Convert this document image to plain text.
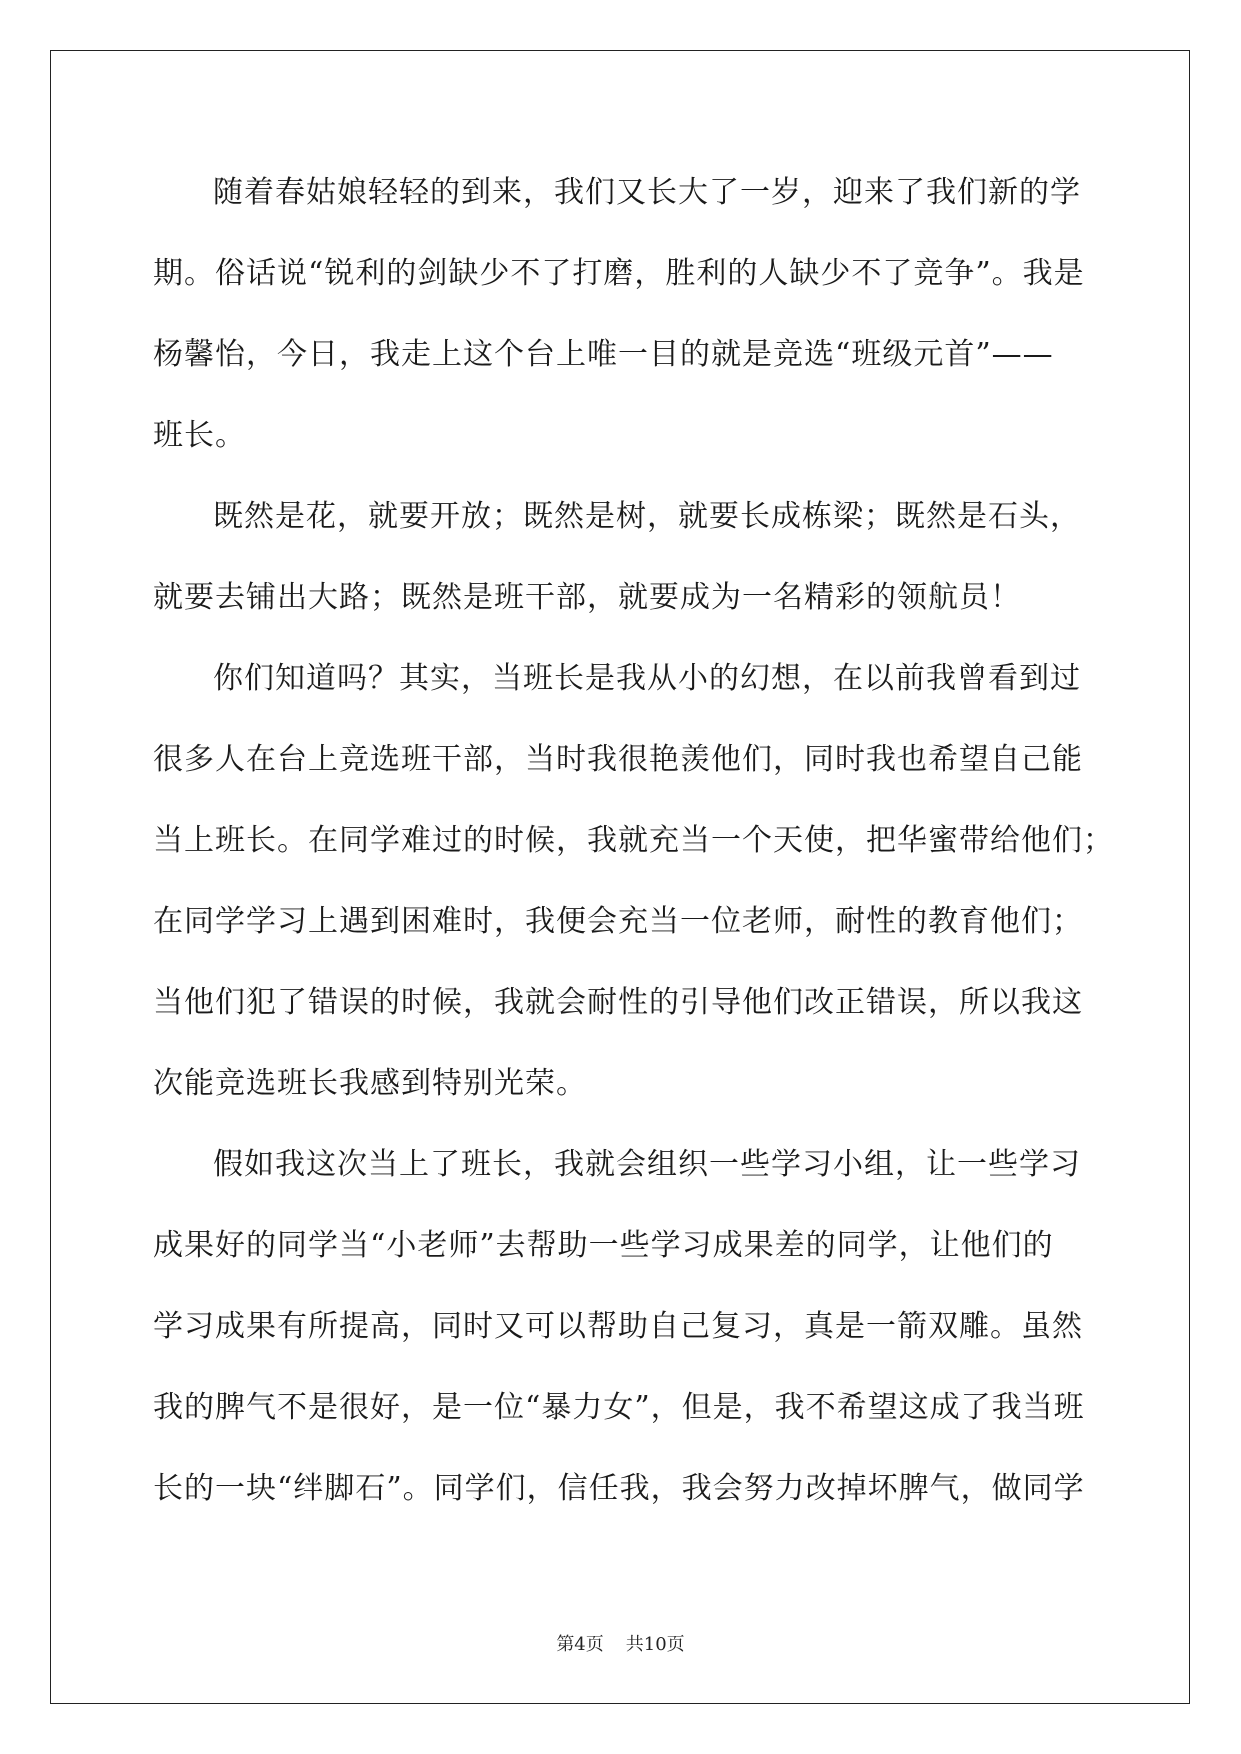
随着春姑娘轻轻的到来，我们又长大了一岁，迎来了我们新的学
期。俗话说“锐利的剑缺少不了打磨，胜利的人缺少不了竞争”。我是
杨馨怡，今日，我走上这个台上唯一目的就是竞选“班级元首”——
班长。
既然是花，就要开放；既然是树，就要长成栋梁；既然是石头，
就要去铺出大路；既然是班干部，就要成为一名精彩的领航员！
你们知道吗？其实，当班长是我从小的幻想，在以前我曾看到过
很多人在台上竞选班干部，当时我很艳羡他们，同时我也希望自己能
当上班长。在同学难过的时候，我就充当一个天使，把华蜜带给他们；
在同学学习上遇到困难时，我便会充当一位老师，耐性的教育他们；
当他们犯了错误的时候，我就会耐性的引导他们改正错误，所以我这
次能竞选班长我感到特别光荣。
假如我这次当上了班长，我就会组织一些学习小组，让一些学习
成果好的同学当“小老师”去帮助一些学习成果差的同学，让他们的
学习成果有所提高，同时又可以帮助自己复习，真是一箭双雕。虽然
我的脾气不是很好，是一位“暴力女”，但是，我不希望这成了我当班
长的一块“绊脚石”。同学们，信任我，我会努力改掉坏脾气，做同学
第4页 共10页
